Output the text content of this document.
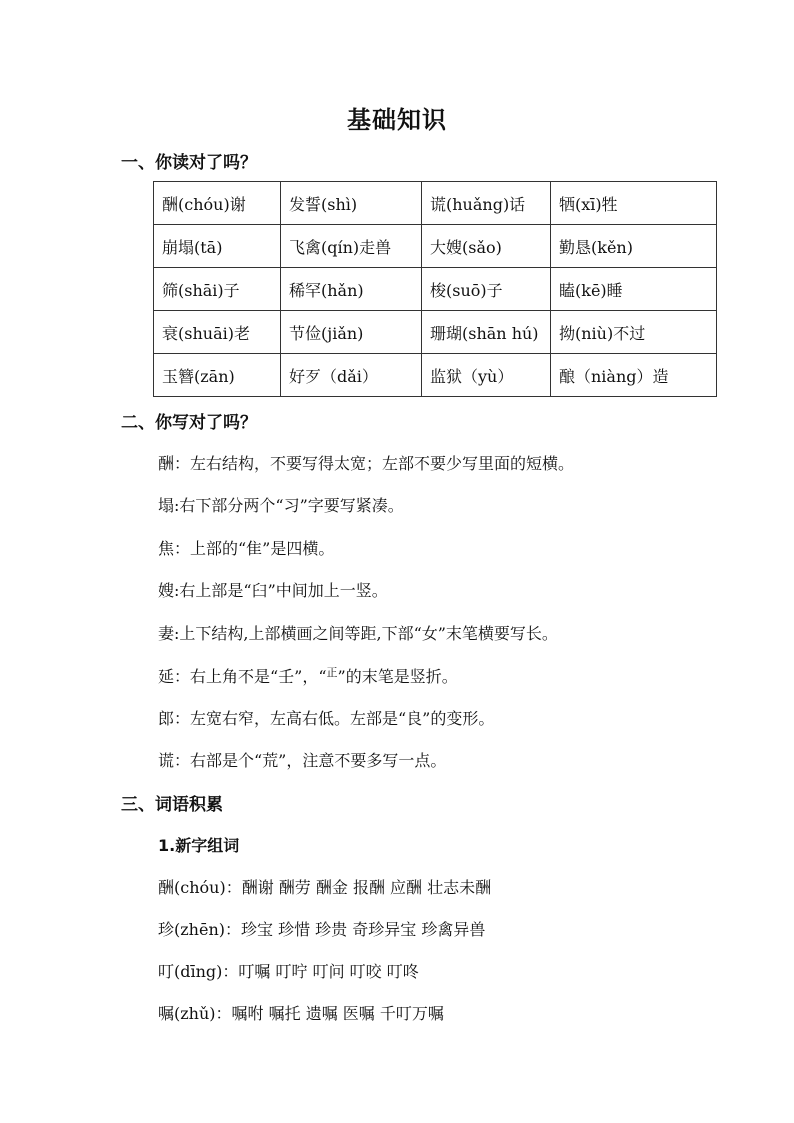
基础知识
一、你读对了吗？
酬(chóu)谢	发誓(shì)	谎(huǎng)话	牺(xī)牲
崩塌(tā)	飞禽(qín)走兽	大嫂(sǎo)	勤恳(kěn)
筛(shāi)子	稀罕(hǎn)	梭(suō)子	瞌(kē)睡
衰(shuāi)老	节俭(jiǎn)	珊瑚(shān hú)	拗(niù)不过
玉簪(zān)	好歹（dǎi）	监狱（yù）	酿（niàng）造
二、你写对了吗？
酬：左右结构，不要写得太宽；左部不要少写里面的短横。
塌:右下部分两个“习”字要写紧凑。
焦：上部的“隹”是四横。
嫂:右上部是“臼”中间加上一竖。
妻:上下结构,上部横画之间等距,下部“女”末笔横要写长。
延：右上角不是“壬”，“$^正$”的末笔是竖折。
郎：左宽右窄，左高右低。左部是“良”的变形。
谎：右部是个“荒”，注意不要多写一点。
三、词语积累
1.新字组词
酬(chóu)：酬谢 酬劳 酬金 报酬 应酬 壮志未酬
珍(zhēn)：珍宝 珍惜 珍贵 奇珍异宝 珍禽异兽
叮(dīng)：叮嘱 叮咛 叮问 叮咬 叮咚
嘱(zhǔ)：嘱咐 嘱托 遗嘱 医嘱 千叮万嘱
